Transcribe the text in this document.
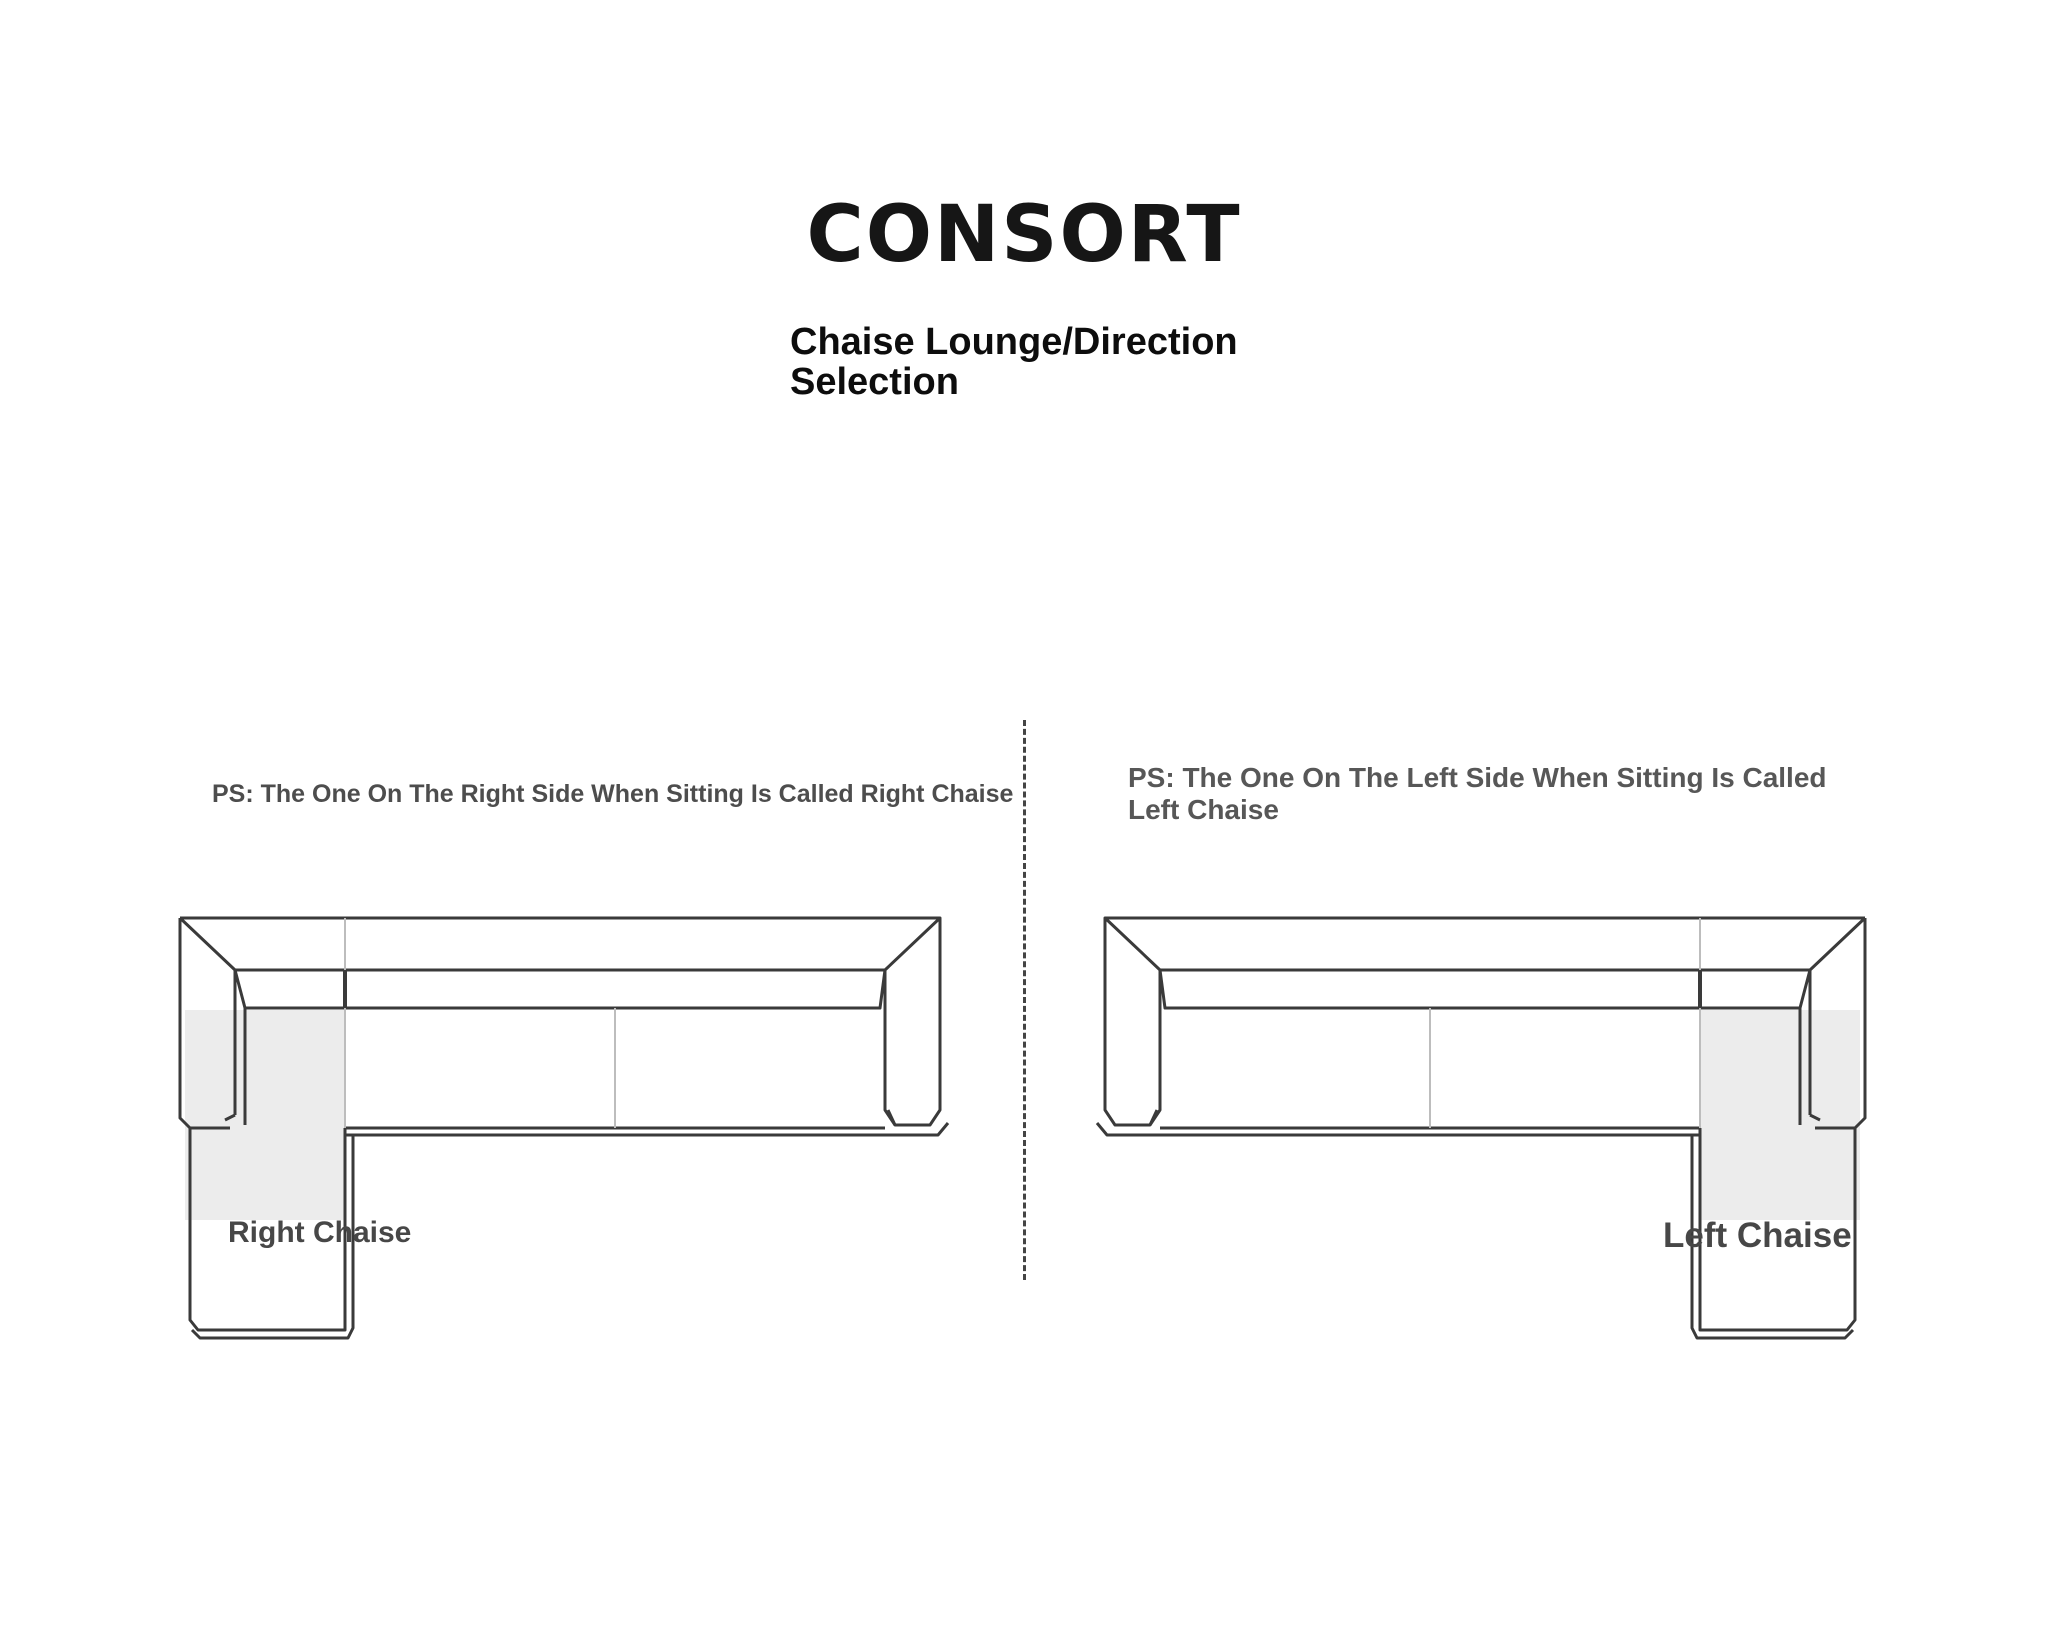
CONSORT
Chaise Lounge/Direction Selection
PS: The One On The Right Side When Sitting Is Called Right Chaise
PS: The One On The Left Side When Sitting Is Called Left Chaise
Right Chaise	Left Chaise
